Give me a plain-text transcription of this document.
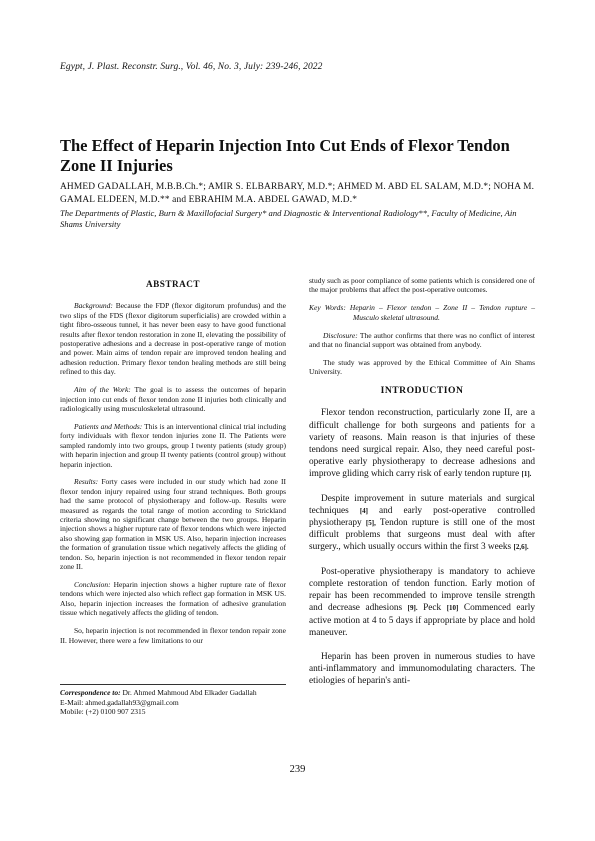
Egypt, J. Plast. Reconstr. Surg., Vol. 46, No. 3, July: 239-246, 2022
The Effect of Heparin Injection Into Cut Ends of Flexor Tendon Zone II Injuries
AHMED GADALLAH, M.B.B.Ch.*; AMIR S. ELBARBARY, M.D.*; AHMED M. ABD EL SALAM, M.D.*; NOHA M. GAMAL ELDEEN, M.D.** and EBRAHIM M.A. ABDEL GAWAD, M.D.*
The Departments of Plastic, Burn & Maxillofacial Surgery* and Diagnostic & Interventional Radiology**, Faculty of Medicine, Ain Shams University

ABSTRACT

Background: Because the FDP (flexor digitorum profundus) and the two slips of the FDS (flexor digitorum superficialis) are crowded within a tight fibro-osseous tunnel, it has never been easy to have good functional results after flexor tendon restoration in zone II, elevating the possibility of postoperative adhesions and a decrease in post-operative range of motion and power. Main aims of tendon repair are improved tendon healing and adhesion reduction. Primary flexor tendon healing methods are still being refined to this day.

Aim of the Work: The goal is to assess the outcomes of heparin injection into cut ends of flexor tendon zone II injuries both clinically and radiologically using musculoskeletal ultrasound.

Patients and Methods: This is an interventional clinical trial including forty individuals with flexor tendon injuries zone II. The Patients were sampled randomly into two groups, group I twenty patients (study group) with heparin injection and group II twenty patients (control group) without heparin injection.

Results: Forty cases were included in our study which had zone II flexor tendon injury repaired using four strand techniques. Both groups had the same protocol of physiotherapy and follow-up. Results were measured as regards the total range of motion according to Strickland criteria showing no significant change between the two groups. Heparin injection shows a higher rupture rate of flexor tendons which were injected also showing gap formation in MSK US. Also, heparin injection increases the formation of granulation tissue which negatively affects the gliding of tendon. So, heparin injection is not recommended in flexor tendon repair zone II.

Conclusion: Heparin injection shows a higher rupture rate of flexor tendons which were injected also which reflect gap formation in MSK US. Also, heparin injection increases the formation of adhesive granulation tissue which negatively affects the gliding of tendon.

So, heparin injection is not recommended in flexor tendon repair zone II. However, there were a few limitations to our

Correspondence to: Dr. Ahmed Mahmoud Abd Elkader Gadallah
E-Mail: ahmed.gadallah93@gmail.com
Mobile: (+2) 0100 907 2315

study such as poor compliance of some patients which is considered one of the major problems that affect the post-operative outcomes.

Key Words: Heparin – Flexor tendon – Zone II – Tendon rupture – Musculo skeletal ultrasound.

Disclosure: The author confirms that there was no conflict of interest and that no financial support was obtained from anybody.

The study was approved by the Ethical Committee of Ain Shams University.

INTRODUCTION

Flexor tendon reconstruction, particularly zone II, are a difficult challenge for both surgeons and patients for a variety of reasons. Main reason is that injuries of these tendons need surgical repair. Also, they need careful post-operative early physiotherapy to decrease adhesions and improve gliding which carry risk of early tendon rupture [1].

Despite improvement in suture materials and surgical techniques [4] and early post-operative controlled physiotherapy [5], Tendon rupture is still one of the most difficult problems that surgeons must deal with after surgery., which usually occurs within the first 3 weeks [2,6].

Post-operative physiotherapy is mandatory to achieve complete restoration of tendon function. Early motion of repair has been recommended to improve tensile strength and decrease adhesions [9]. Peck [10] Commenced early active motion at 4 to 5 days if appropriate by place and hold maneuver.

Heparin has been proven in numerous studies to have anti-inflammatory and immunomodulating characters. The etiologies of heparin's anti-

239
